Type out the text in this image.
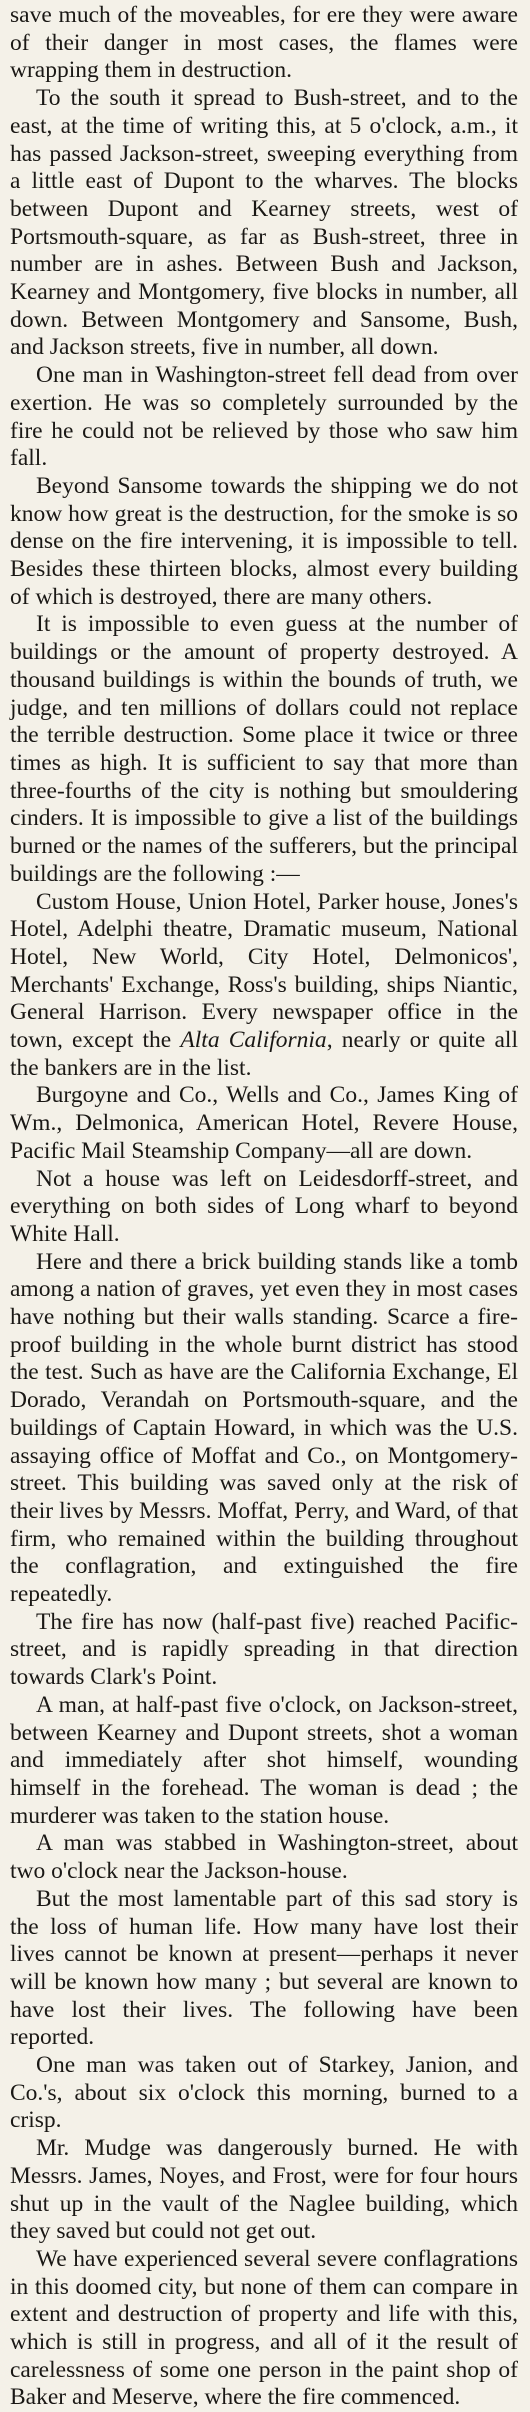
save much of the moveables, for ere they were aware of their danger in most cases, the flames were wrapping them in destruction.

To the south it spread to Bush-street, and to the east, at the time of writing this, at 5 o'clock, a.m., it has passed Jackson-street, sweeping everything from a little east of Dupont to the wharves. The blocks between Dupont and Kearney streets, west of Portsmouth-square, as far as Bush-street, three in number are in ashes. Between Bush and Jackson, Kearney and Montgomery, five blocks in number, all down. Between Montgomery and Sansome, Bush, and Jackson streets, five in number, all down.

One man in Washington-street fell dead from over exertion. He was so completely surrounded by the fire he could not be relieved by those who saw him fall.

Beyond Sansome towards the shipping we do not know how great is the destruction, for the smoke is so dense on the fire intervening, it is impossible to tell. Besides these thirteen blocks, almost every building of which is destroyed, there are many others.

It is impossible to even guess at the number of buildings or the amount of property destroyed. A thousand buildings is within the bounds of truth, we judge, and ten millions of dollars could not replace the terrible destruction. Some place it twice or three times as high. It is sufficient to say that more than three-fourths of the city is nothing but smouldering cinders. It is impossible to give a list of the buildings burned or the names of the sufferers, but the principal buildings are the following :—

Custom House, Union Hotel, Parker house, Jones's Hotel, Adelphi theatre, Dramatic museum, National Hotel, New World, City Hotel, Delmonicos', Merchants' Exchange, Ross's building, ships Niantic, General Harrison. Every newspaper office in the town, except the Alta California, nearly or quite all the bankers are in the list.

Burgoyne and Co., Wells and Co., James King of Wm., Delmonica, American Hotel, Revere House, Pacific Mail Steamship Company—all are down.

Not a house was left on Leidesdorff-street, and everything on both sides of Long wharf to beyond White Hall.

Here and there a brick building stands like a tomb among a nation of graves, yet even they in most cases have nothing but their walls standing. Scarce a fire-proof building in the whole burnt district has stood the test. Such as have are the California Exchange, El Dorado, Verandah on Portsmouth-square, and the buildings of Captain Howard, in which was the U.S. assaying office of Moffat and Co., on Montgomery-street. This building was saved only at the risk of their lives by Messrs. Moffat, Perry, and Ward, of that firm, who remained within the building throughout the conflagration, and extinguished the fire repeatedly.

The fire has now (half-past five) reached Pacific-street, and is rapidly spreading in that direction towards Clark's Point.

A man, at half-past five o'clock, on Jackson-street, between Kearney and Dupont streets, shot a woman and immediately after shot himself, wounding himself in the forehead. The woman is dead ; the murderer was taken to the station house.

A man was stabbed in Washington-street, about two o'clock near the Jackson-house.

But the most lamentable part of this sad story is the loss of human life. How many have lost their lives cannot be known at present—perhaps it never will be known how many ; but several are known to have lost their lives. The following have been reported.

One man was taken out of Starkey, Janion, and Co.'s, about six o'clock this morning, burned to a crisp.

Mr. Mudge was dangerously burned. He with Messrs. James, Noyes, and Frost, were for four hours shut up in the vault of the Naglee building, which they saved but could not get out.

We have experienced several severe conflagrations in this doomed city, but none of them can compare in extent and destruction of property and life with this, which is still in progress, and all of it the result of carelessness of some one person in the paint shop of Baker and Meserve, where the fire commenced.
